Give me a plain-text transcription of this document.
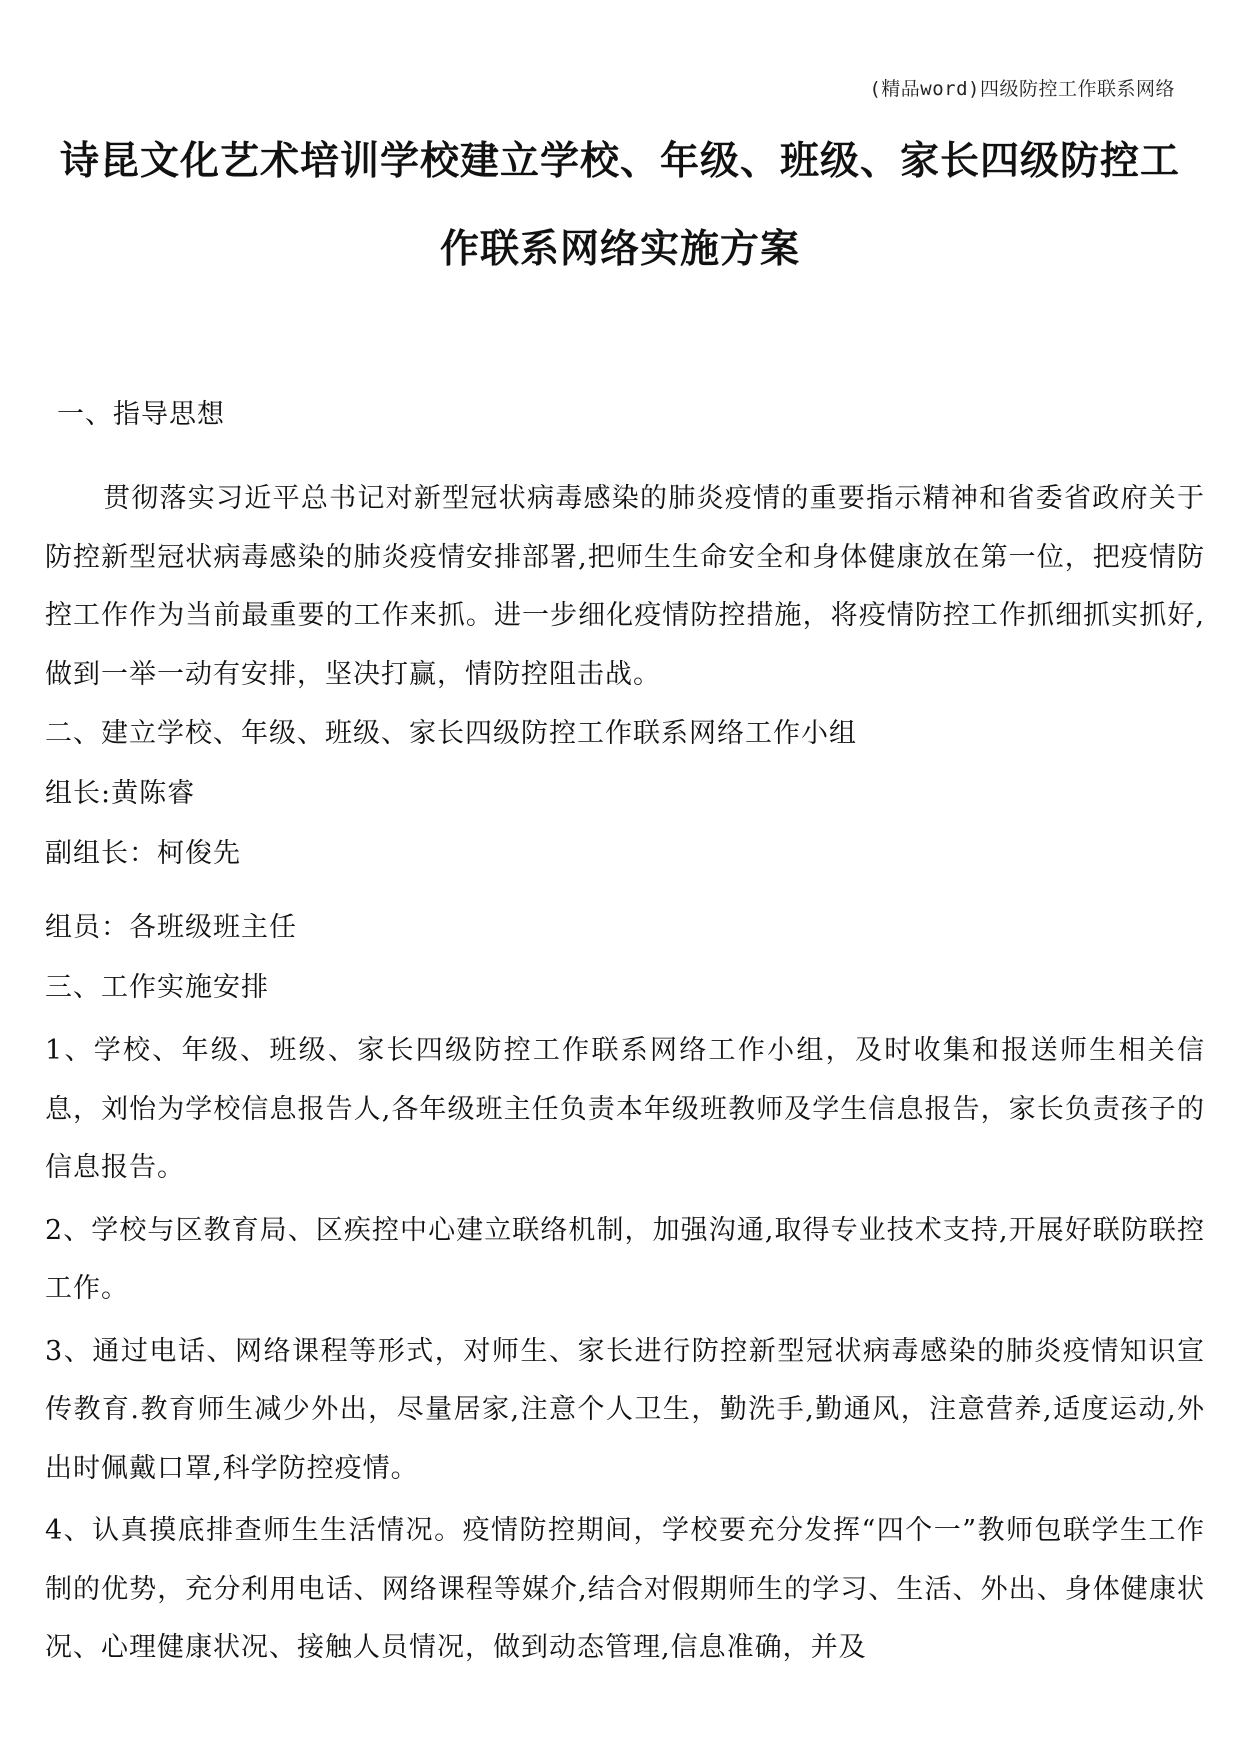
(精品word)四级防控工作联系网络
诗昆文化艺术培训学校建立学校、年级、班级、家长四级防控工作联系网络实施方案

一、指导思想

贯彻落实习近平总书记对新型冠状病毒感染的肺炎疫情的重要指示精神和省委省政府关于防控新型冠状病毒感染的肺炎疫情安排部署,把师生生命安全和身体健康放在第一位，把疫情防控工作作为当前最重要的工作来抓。进一步细化疫情防控措施，将疫情防控工作抓细抓实抓好,做到一举一动有安排，坚决打赢，情防控阻击战。

二、建立学校、年级、班级、家长四级防控工作联系网络工作小组

组长:黄陈睿

副组长：柯俊先

组员：各班级班主任

三、工作实施安排

1、学校、年级、班级、家长四级防控工作联系网络工作小组，及时收集和报送师生相关信息，刘怡为学校信息报告人,各年级班主任负责本年级班教师及学生信息报告，家长负责孩子的信息报告。

2、学校与区教育局、区疾控中心建立联络机制，加强沟通,取得专业技术支持,开展好联防联控工作。

3、通过电话、网络课程等形式，对师生、家长进行防控新型冠状病毒感染的肺炎疫情知识宣传教育.教育师生减少外出，尽量居家,注意个人卫生，勤洗手,勤通风，注意营养,适度运动,外出时佩戴口罩,科学防控疫情。

4、认真摸底排查师生生活情况。疫情防控期间，学校要充分发挥“四个一”教师包联学生工作制的优势，充分利用电话、网络课程等媒介,结合对假期师生的学习、生活、外出、身体健康状况、心理健康状况、接触人员情况，做到动态管理,信息准确，并及
